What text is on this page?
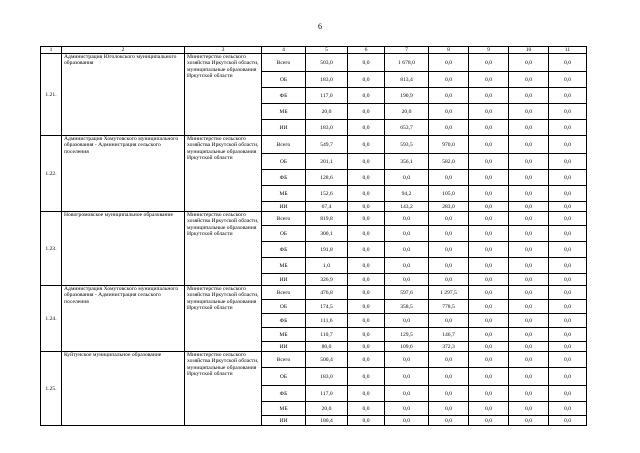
6
1	2	3	4	5	6	7	8	9	10	11
1.21.	Администрация Юголокского муниципального образования	Министерство сельского хозяйства Иркутской области, муниципальные образования Иркутской области	Всего	503,0	0,0	1 678,0	0,0	0,0	0,0	0,0
			ОБ	183,0	0,0	813,4	0,0	0,0	0,0	0,0
			ФБ	117,0	0,0	190,9	0,0	0,0	0,0	0,0
			МБ	20,0	0,0	20,0	0,0	0,0	0,0	0,0
			ИИ	183,0	0,0	653,7	0,0	0,0	0,0	0,0
1.22.	Администрация Хомутовского муниципального образования - Администрация сельского поселения	Министерство сельского хозяйства Иркутской области, муниципальные образования Иркутской области	Всего	549,7	0,0	593,5	970,0	0,0	0,0	0,0
			ОБ	201,1	0,0	356,1	582,0	0,0	0,0	0,0
			ФБ	128,6	0,0	0,0	0,0	0,0	0,0	0,0
			МБ	152,6	0,0	94,2	105,0	0,0	0,0	0,0
			ИИ	67,4	0,0	143,2	283,0	0,0	0,0	0,0
1.23.	Новогромовское муниципальное образование	Министерство сельского хозяйства Иркутской области, муниципальные образования Иркутской области	Всего	819,8	0,0	0,0	0,0	0,0	0,0	0,0
			ОБ	300,1	0,0	0,0	0,0	0,0	0,0	0,0
			ФБ	191,8	0,0	0,0	0,0	0,0	0,0	0,0
			МБ	1,0	0,0	0,0	0,0	0,0	0,0	0,0
			ИИ	326,9	0,0	0,0	0,0	0,0	0,0	0,0
1.24.	Администрация Хомутовского муниципального образования - Администрация сельского поселения	Министерство сельского хозяйства Иркутской области, муниципальные образования Иркутской области	Всего	476,8	0,0	597,6	1 297,5	0,0	0,0	0,0
			ОБ	174,5	0,0	358,5	778,5	0,0	0,0	0,0
			ФБ	111,6	0,0	0,0	0,0	0,0	0,0	0,0
			МБ	110,7	0,0	129,5	146,7	0,0	0,0	0,0
			ИИ	80,0	0,0	109,6	372,3	0,0	0,0	0,0
1.25.	Куйтунское муниципальное образование	Министерство сельского хозяйства Иркутской области, муниципальные образования Иркутской области	Всего	500,4	0,0	0,0	0,0	0,0	0,0	0,0
			ОБ	183,0	0,0	0,0	0,0	0,0	0,0	0,0
			ФБ	117,0	0,0	0,0	0,0	0,0	0,0	0,0
			МБ	20,0	0,0	0,0	0,0	0,0	0,0	0,0
			ИИ	180,4	0,0	0,0	0,0	0,0	0,0	0,0
